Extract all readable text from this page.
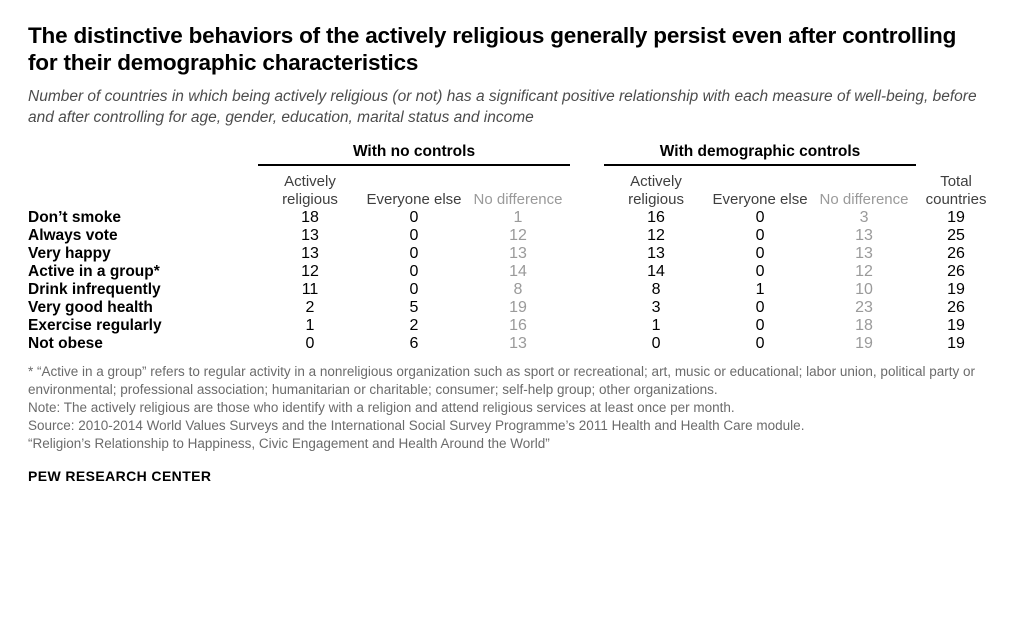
The distinctive behaviors of the actively religious generally persist even after controlling for their demographic characteristics
Number of countries in which being actively religious (or not) has a significant positive relationship with each measure of well-being, before and after controlling for age, gender, education, marital status and income

	With no controls				With demographic controls			

	Actively religious	Everyone else	No difference		Actively religious	Everyone else	No difference	Total countries
Don’t smoke	18	0	1		16	0	3	19
Always vote	13	0	12		12	0	13	25
Very happy	13	0	13		13	0	13	26
Active in a group*	12	0	14		14	0	12	26
Drink infrequently	11	0	8		8	1	10	19
Very good health	2	5	19		3	0	23	26
Exercise regularly	1	2	16		1	0	18	19
Not obese	0	6	13		0	0	19	19

* “Active in a group” refers to regular activity in a nonreligious organization such as sport or recreational; art, music or educational; labor union, political party or environmental; professional association; humanitarian or charitable; consumer; self-help group; other organizations.

Note: The actively religious are those who identify with a religion and attend religious services at least once per month.

Source: 2010-2014 World Values Surveys and the International Social Survey Programme’s 2011 Health and Health Care module.

“Religion’s Relationship to Happiness, Civic Engagement and Health Around the World”

PEW RESEARCH CENTER
